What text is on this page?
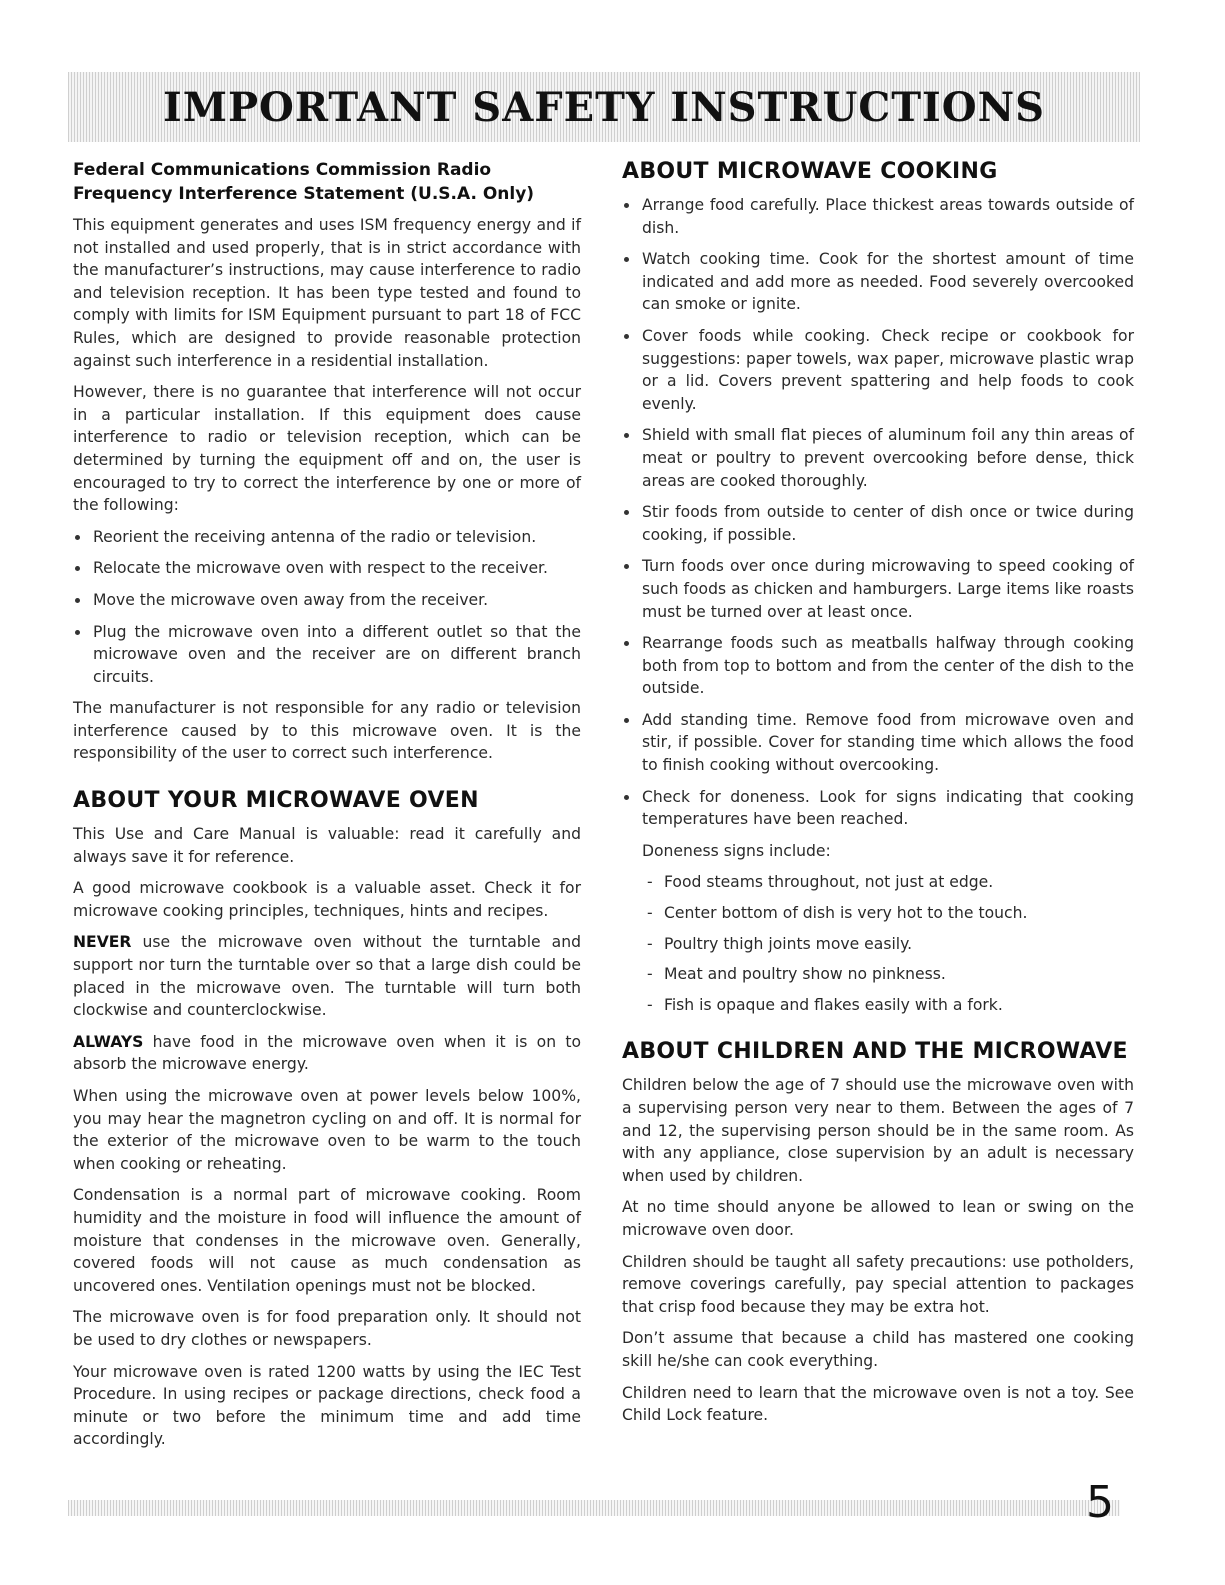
IMPORTANT SAFETY INSTRUCTIONS
Federal Communications Commission Radio Frequency Interference Statement (U.S.A. Only)

This equipment generates and uses ISM frequency energy and if not installed and used properly, that is in strict accordance with the manufacturer’s instructions, may cause interference to radio and television reception. It has been type tested and found to comply with limits for ISM Equipment pursuant to part 18 of FCC Rules, which are designed to provide reasonable protection against such interference in a residential installation.

However, there is no guarantee that interference will not occur in a particular installation. If this equipment does cause interference to radio or television reception, which can be determined by turning the equipment off and on, the user is encouraged to try to correct the interference by one or more of the following:

Reorient the receiving antenna of the radio or television.
Relocate the microwave oven with respect to the receiver.
Move the microwave oven away from the receiver.
Plug the microwave oven into a different outlet so that the microwave oven and the receiver are on different branch circuits.

The manufacturer is not responsible for any radio or television interference caused by to this microwave oven. It is the responsibility of the user to correct such interference.

ABOUT YOUR MICROWAVE OVEN

This Use and Care Manual is valuable: read it carefully and always save it for reference.

A good microwave cookbook is a valuable asset. Check it for microwave cooking principles, techniques, hints and recipes.

NEVER use the microwave oven without the turntable and support nor turn the turntable over so that a large dish could be placed in the microwave oven. The turntable will turn both clockwise and counterclockwise.

ALWAYS have food in the microwave oven when it is on to absorb the microwave energy.

When using the microwave oven at power levels below 100%, you may hear the magnetron cycling on and off. It is normal for the exterior of the microwave oven to be warm to the touch when cooking or reheating.

Condensation is a normal part of microwave cooking. Room humidity and the moisture in food will influence the amount of moisture that condenses in the microwave oven. Generally, covered foods will not cause as much condensation as uncovered ones. Ventilation openings must not be blocked.

The microwave oven is for food preparation only. It should not be used to dry clothes or newspapers.

Your microwave oven is rated 1200 watts by using the IEC Test Procedure. In using recipes or package directions, check food a minute or two before the minimum time and add time accordingly.

ABOUT MICROWAVE COOKING
Arrange food carefully. Place thickest areas towards outside of dish.
Watch cooking time. Cook for the shortest amount of time indicated and add more as needed. Food severely overcooked can smoke or ignite.
Cover foods while cooking. Check recipe or cookbook for suggestions: paper towels, wax paper, microwave plastic wrap or a lid. Covers prevent spattering and help foods to cook evenly.
Shield with small flat pieces of aluminum foil any thin areas of meat or poultry to prevent overcooking before dense, thick areas are cooked thoroughly.
Stir foods from outside to center of dish once or twice during cooking, if possible.
Turn foods over once during microwaving to speed cooking of such foods as chicken and hamburgers. Large items like roasts must be turned over at least once.
Rearrange foods such as meatballs halfway through cooking both from top to bottom and from the center of the dish to the outside.
Add standing time. Remove food from microwave oven and stir, if possible. Cover for standing time which allows the food to finish cooking without overcooking.
Check for doneness. Look for signs indicating that cooking temperatures have been reached.

Doneness signs include:

- Food steams throughout, not just at edge.
- Center bottom of dish is very hot to the touch.
- Poultry thigh joints move easily.
- Meat and poultry show no pinkness.
- Fish is opaque and flakes easily with a fork.
ABOUT CHILDREN AND THE MICROWAVE

Children below the age of 7 should use the microwave oven with a supervising person very near to them. Between the ages of 7 and 12, the supervising person should be in the same room. As with any appliance, close supervision by an adult is necessary when used by children.

At no time should anyone be allowed to lean or swing on the microwave oven door.

Children should be taught all safety precautions: use potholders, remove coverings carefully, pay special attention to packages that crisp food because they may be extra hot.

Don’t assume that because a child has mastered one cooking skill he/she can cook everything.

Children need to learn that the microwave oven is not a toy. See Child Lock feature.

5
